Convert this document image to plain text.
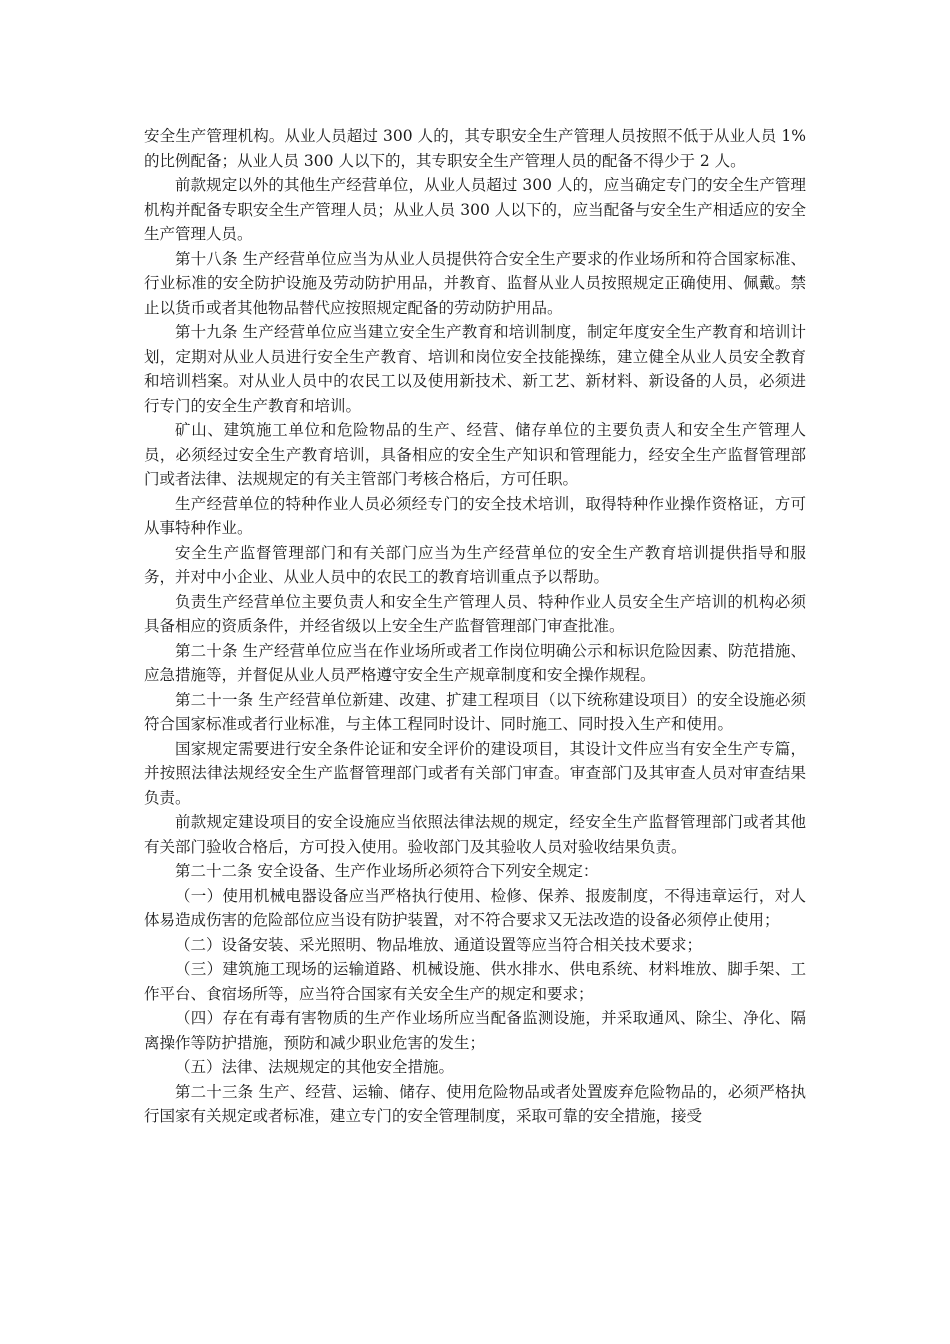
安全生产管理机构。从业人员超过 300 人的，其专职安全生产管理人员按照不低于从业人员 1%的比例配备；从业人员 300 人以下的，其专职安全生产管理人员的配备不得少于 2 人。

前款规定以外的其他生产经营单位，从业人员超过 300 人的，应当确定专门的安全生产管理机构并配备专职安全生产管理人员；从业人员 300 人以下的，应当配备与安全生产相适应的安全生产管理人员。

第十八条 生产经营单位应当为从业人员提供符合安全生产要求的作业场所和符合国家标准、行业标准的安全防护设施及劳动防护用品，并教育、监督从业人员按照规定正确使用、佩戴。禁止以货币或者其他物品替代应按照规定配备的劳动防护用品。

第十九条 生产经营单位应当建立安全生产教育和培训制度，制定年度安全生产教育和培训计划，定期对从业人员进行安全生产教育、培训和岗位安全技能操练，建立健全从业人员安全教育和培训档案。对从业人员中的农民工以及使用新技术、新工艺、新材料、新设备的人员，必须进行专门的安全生产教育和培训。

矿山、建筑施工单位和危险物品的生产、经营、储存单位的主要负责人和安全生产管理人员，必须经过安全生产教育培训，具备相应的安全生产知识和管理能力，经安全生产监督管理部门或者法律、法规规定的有关主管部门考核合格后，方可任职。

生产经营单位的特种作业人员必须经专门的安全技术培训，取得特种作业操作资格证，方可从事特种作业。

安全生产监督管理部门和有关部门应当为生产经营单位的安全生产教育培训提供指导和服务，并对中小企业、从业人员中的农民工的教育培训重点予以帮助。

负责生产经营单位主要负责人和安全生产管理人员、特种作业人员安全生产培训的机构必须具备相应的资质条件，并经省级以上安全生产监督管理部门审查批准。

第二十条 生产经营单位应当在作业场所或者工作岗位明确公示和标识危险因素、防范措施、应急措施等，并督促从业人员严格遵守安全生产规章制度和安全操作规程。

第二十一条 生产经营单位新建、改建、扩建工程项目（以下统称建设项目）的安全设施必须符合国家标准或者行业标准，与主体工程同时设计、同时施工、同时投入生产和使用。

国家规定需要进行安全条件论证和安全评价的建设项目，其设计文件应当有安全生产专篇，并按照法律法规经安全生产监督管理部门或者有关部门审查。审查部门及其审查人员对审查结果负责。

前款规定建设项目的安全设施应当依照法律法规的规定，经安全生产监督管理部门或者其他有关部门验收合格后，方可投入使用。验收部门及其验收人员对验收结果负责。

第二十二条 安全设备、生产作业场所必须符合下列安全规定：

（一）使用机械电器设备应当严格执行使用、检修、保养、报废制度，不得违章运行，对人体易造成伤害的危险部位应当设有防护装置，对不符合要求又无法改造的设备必须停止使用；

（二）设备安装、采光照明、物品堆放、通道设置等应当符合相关技术要求；

（三）建筑施工现场的运输道路、机械设施、供水排水、供电系统、材料堆放、脚手架、工作平台、食宿场所等，应当符合国家有关安全生产的规定和要求；

（四）存在有毒有害物质的生产作业场所应当配备监测设施，并采取通风、除尘、净化、隔离操作等防护措施，预防和减少职业危害的发生；

（五）法律、法规规定的其他安全措施。

第二十三条 生产、经营、运输、储存、使用危险物品或者处置废弃危险物品的，必须严格执行国家有关规定或者标准，建立专门的安全管理制度，采取可靠的安全措施，接受
